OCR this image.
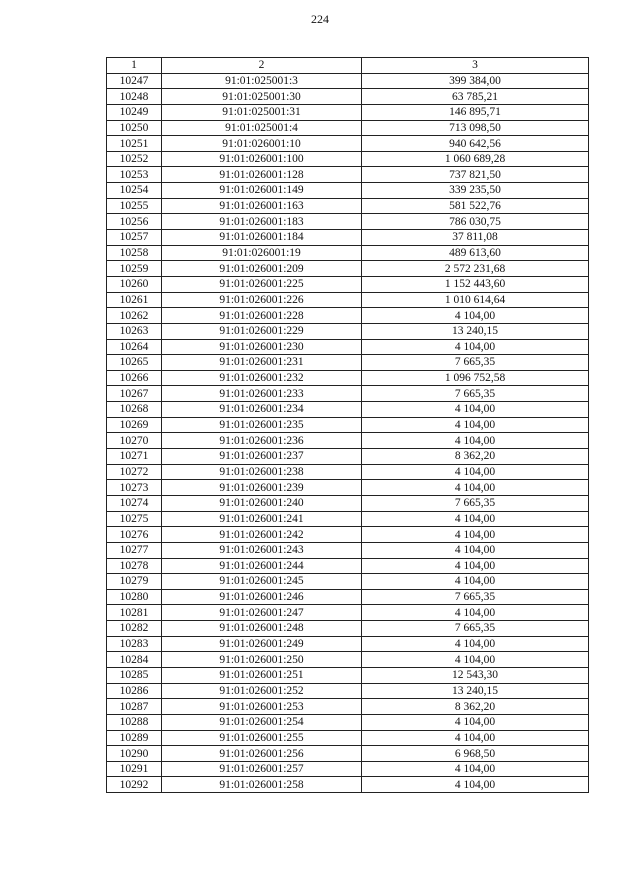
224
1	2	3
10247	91:01:025001:3	399 384,00
10248	91:01:025001:30	63 785,21
10249	91:01:025001:31	146 895,71
10250	91:01:025001:4	713 098,50
10251	91:01:026001:10	940 642,56
10252	91:01:026001:100	1 060 689,28
10253	91:01:026001:128	737 821,50
10254	91:01:026001:149	339 235,50
10255	91:01:026001:163	581 522,76
10256	91:01:026001:183	786 030,75
10257	91:01:026001:184	37 811,08
10258	91:01:026001:19	489 613,60
10259	91:01:026001:209	2 572 231,68
10260	91:01:026001:225	1 152 443,60
10261	91:01:026001:226	1 010 614,64
10262	91:01:026001:228	4 104,00
10263	91:01:026001:229	13 240,15
10264	91:01:026001:230	4 104,00
10265	91:01:026001:231	7 665,35
10266	91:01:026001:232	1 096 752,58
10267	91:01:026001:233	7 665,35
10268	91:01:026001:234	4 104,00
10269	91:01:026001:235	4 104,00
10270	91:01:026001:236	4 104,00
10271	91:01:026001:237	8 362,20
10272	91:01:026001:238	4 104,00
10273	91:01:026001:239	4 104,00
10274	91:01:026001:240	7 665,35
10275	91:01:026001:241	4 104,00
10276	91:01:026001:242	4 104,00
10277	91:01:026001:243	4 104,00
10278	91:01:026001:244	4 104,00
10279	91:01:026001:245	4 104,00
10280	91:01:026001:246	7 665,35
10281	91:01:026001:247	4 104,00
10282	91:01:026001:248	7 665,35
10283	91:01:026001:249	4 104,00
10284	91:01:026001:250	4 104,00
10285	91:01:026001:251	12 543,30
10286	91:01:026001:252	13 240,15
10287	91:01:026001:253	8 362,20
10288	91:01:026001:254	4 104,00
10289	91:01:026001:255	4 104,00
10290	91:01:026001:256	6 968,50
10291	91:01:026001:257	4 104,00
10292	91:01:026001:258	4 104,00
